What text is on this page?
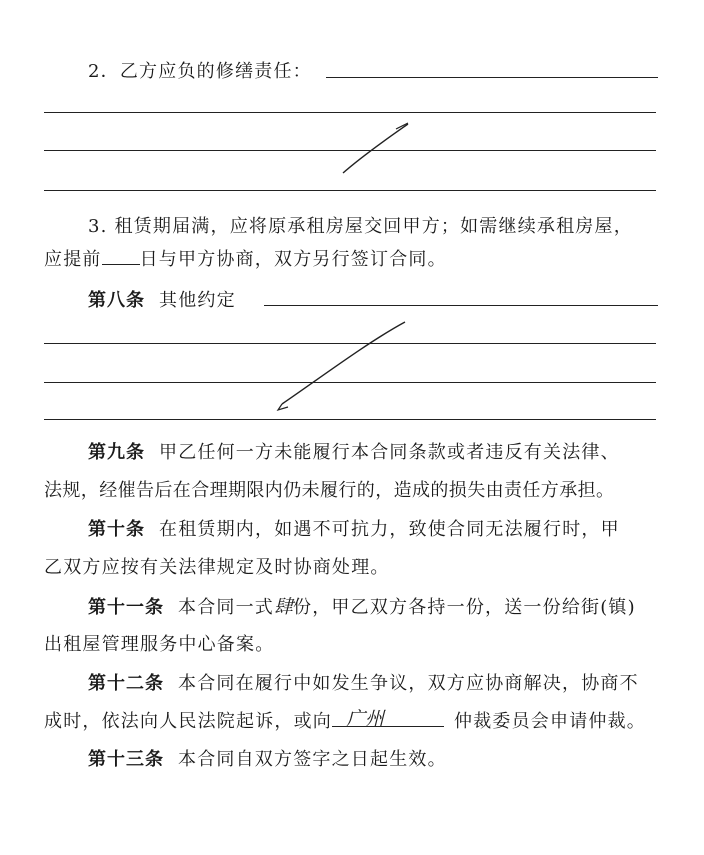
2．乙方应负的修缮责任：
3. 租赁期届满，应将原承租房屋交回甲方；如需继续承租房屋，
应提前 日与甲方协商，双方另行签订合同。
第八条 其他约定
第九条 甲乙任何一方未能履行本合同条款或者违反有关法律、
法规，经催告后在合理期限内仍未履行的，造成的损失由责任方承担。
第十条 在租赁期内，如遇不可抗力，致使合同无法履行时，甲
乙双方应按有关法律规定及时协商处理。
第十一条 本合同一式肆份，甲乙双方各持一份，送一份给街(镇)
出租屋管理服务中心备案。
第十二条 本合同在履行中如发生争议，双方应协商解决，协商不
成时，依法向人民法院起诉，或向 广州	仲裁委员会申请仲裁。
第十三条 本合同自双方签字之日起生效。
